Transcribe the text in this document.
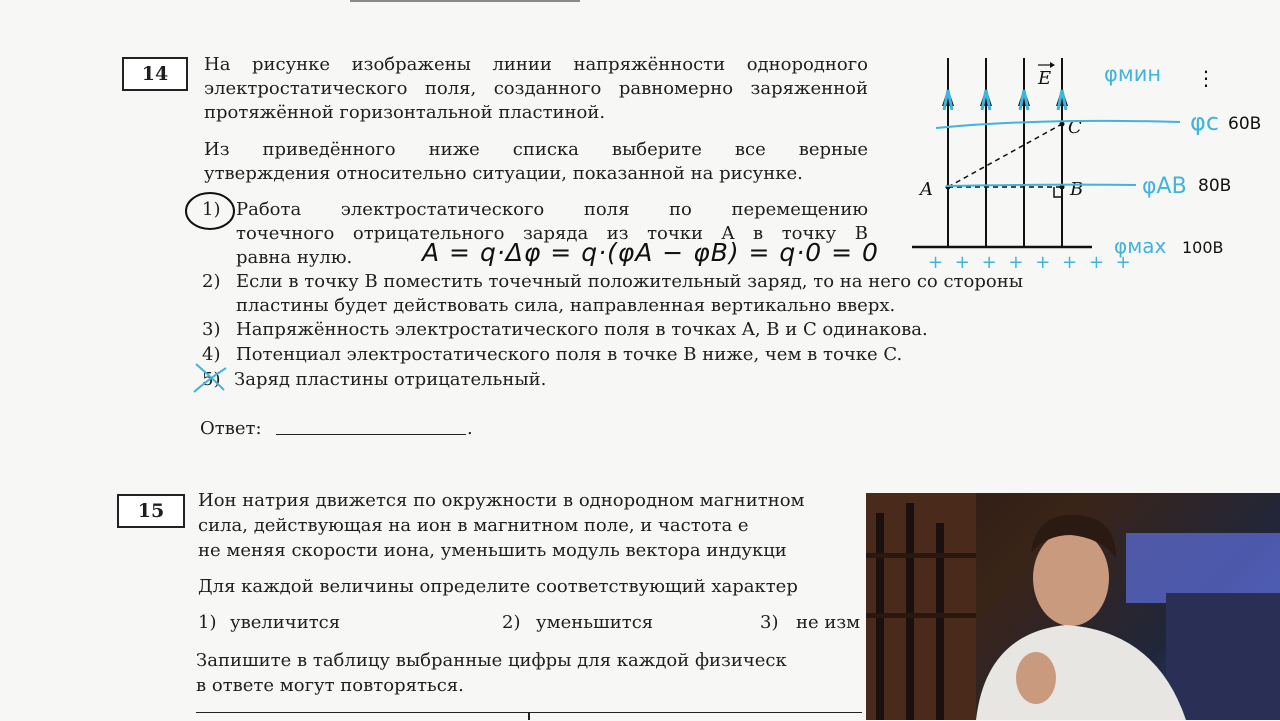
14	На рисунке изображены линии напряжённости однородного
электростатического поля, созданного равномерно заряженной
протяжённой горизонтальной пластиной.
Из приведённого ниже списка выберите все верные
утверждения относительно ситуации, показанной на рисунке.
1) Работа электростатического поля по перемещению
точечного отрицательного заряда из точки A в точку B
равна нулю.
2) Если в точку B поместить точечный положительный заряд, то на него со стороны
пластины будет действовать сила, направленная вертикально вверх.
3) Напряжённость электростатического поля в точках A, B и C одинакова.
4) Потенциал электростатического поля в точке B ниже, чем в точке C.
5) Заряд пластины отрицательный.
A = q·Δφ = q·(φA − φB) = q·0 = 0
Ответ:	.
E
A	B
C
+ + + + + + + +
φмин ⋮
φc 60В
φAB 80В
φмах 100В
15	Ион натрия движется по окружности в однородном магнитном
сила, действующая на ион в магнитном поле, и частота е
не меняя скорости иона, уменьшить модуль вектора индукци
Для каждой величины определите соответствующий характер
1) увеличится	2) уменьшится	3) не изм
Запишите в таблицу выбранные цифры для каждой физическ
в ответе могут повторяться.
